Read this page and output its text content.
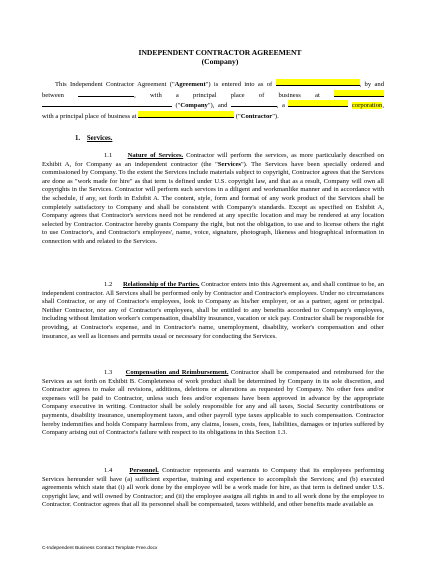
INDEPENDENT CONTRACTOR AGREEMENT
(Company)

This Independent Contractor Agreement ("Agreement") is entered into as of	, by and between	, with a principal place of business at   ("Company"), and	, a	corporation, with a principal place of business at	("Contractor").

1. Services.

1.1 Nature of Services. Contractor will perform the services, as more particularly described on Exhibit A, for Company as an independent contractor (the "Services"). The Services have been specially ordered and commissioned by Company. To the extent the Services include materials subject to copyright, Contractor agrees that the Services are done as "work made for hire" as that term is defined under U.S. copyright law, and that as a result, Company will own all copyrights in the Services. Contractor will perform such services in a diligent and workmanlike manner and in accordance with the schedule, if any, set forth in Exhibit A. The content, style, form and format of any work product of the Services shall be completely satisfactory to Company and shall be consistent with Company's standards. Except as specified on Exhibit A, Company agrees that Contractor's services need not be rendered at any specific location and may be rendered at any location selected by Contractor. Contractor hereby grants Company the right, but not the obligation, to use and to license others the right to use Contractor's, and Contractor's employees', name, voice, signature, photograph, likeness and biographical information in connection with and related to the Services.

1.2 Relationship of the Parties. Contractor enters into this Agreement as, and shall continue to be, an independent contractor. All Services shall be performed only by Contractor and Contractor's employees. Under no circumstances shall Contractor, or any of Contractor's employees, look to Company as his/her employer, or as a partner, agent or principal. Neither Contractor, nor any of Contractor's employees, shall be entitled to any benefits accorded to Company's employees, including without limitation worker's compensation, disability insurance, vacation or sick pay. Contractor shall be responsible for providing, at Contractor's expense, and in Contractor's name, unemployment, disability, worker's compensation and other insurance, as well as licenses and permits usual or necessary for conducting the Services.

1.3 Compensation and Reimbursement. Contractor shall be compensated and reimbursed for the Services as set forth on Exhibit B. Completeness of work product shall be determined by Company in its sole discretion, and Contractor agrees to make all revisions, additions, deletions or alterations as requested by Company. No other fees and/or expenses will be paid to Contractor, unless such fees and/or expenses have been approved in advance by the appropriate Company executive in writing. Contractor shall be solely responsible for any and all taxes, Social Security contributions or payments, disability insurance, unemployment taxes, and other payroll type taxes applicable to such compensation. Contractor hereby indemnifies and holds Company harmless from, any claims, losses, costs, fees, liabilities, damages or injuries suffered by Company arising out of Contractor's failure with respect to its obligations in this Section 1.3.

1.4	Personnel. Contractor represents and warrants to Company that its employees performing Services hereunder will have (a) sufficient expertise, training and experience to accomplish the Services; and (b) executed agreements which state that (i) all work done by the employee will be a work made for hire, as that term is defined under U.S. copyright law, and will owned by Contractor; and (ii) the employee assigns all rights in and to all work done by the employee to Contractor. Contractor agrees that all its personnel shall be compensated, taxes withheld, and other benefits made available as

C-Independent Business Contract Template Free.docx
